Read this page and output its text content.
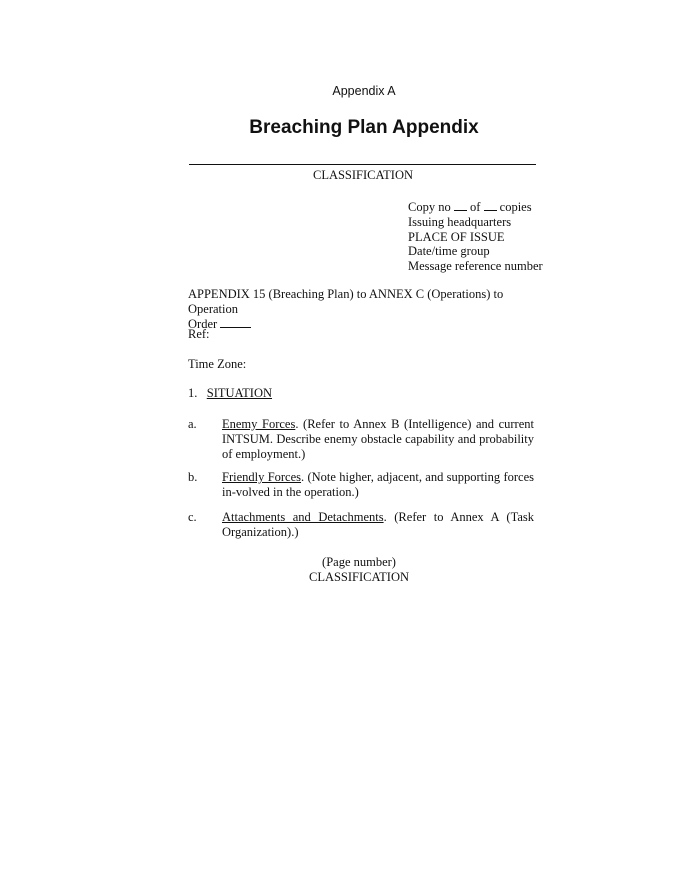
Appendix A
Breaching Plan Appendix
CLASSIFICATION
Copy no of copies
Issuing headquarters
PLACE OF ISSUE
Date/time group
Message reference number
APPENDIX 15 (Breaching Plan) to ANNEX C (Operations) to Operation
Order
Ref:
Time Zone:
1. SITUATION
a. Enemy Forces. (Refer to Annex B (Intelligence) and current INTSUM. Describe enemy obstacle capability and probability of employment.)
b. Friendly Forces. (Note higher, adjacent, and supporting forces in-volved in the operation.)
c. Attachments and Detachments. (Refer to Annex A (Task Organization).)
(Page number)
CLASSIFICATION
